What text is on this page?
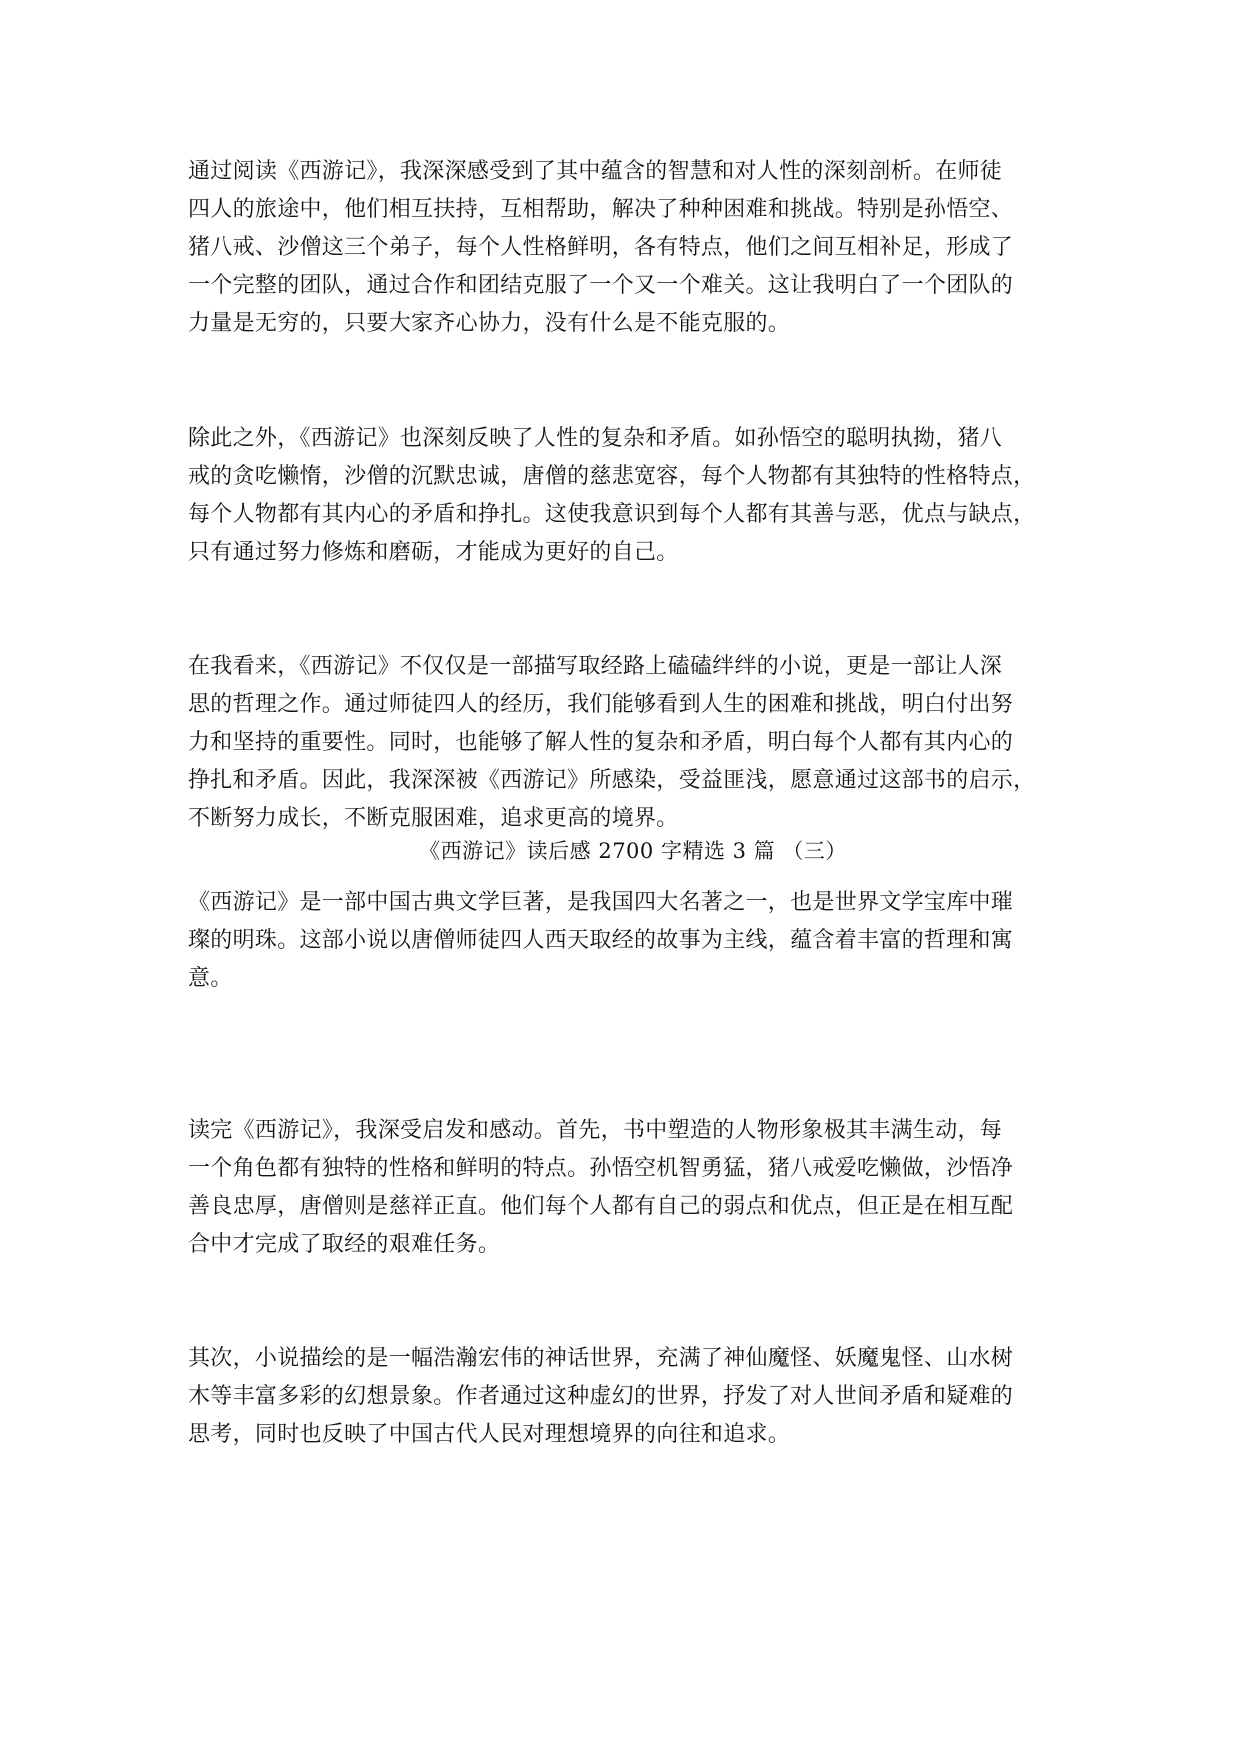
通过阅读《西游记》，我深深感受到了其中蕴含的智慧和对人性的深刻剖析。在师徒
四人的旅途中，他们相互扶持，互相帮助，解决了种种困难和挑战。特别是孙悟空、
猪八戒、沙僧这三个弟子，每个人性格鲜明，各有特点，他们之间互相补足，形成了
一个完整的团队，通过合作和团结克服了一个又一个难关。这让我明白了一个团队的
力量是无穷的，只要大家齐心协力，没有什么是不能克服的。

除此之外，《西游记》也深刻反映了人性的复杂和矛盾。如孙悟空的聪明执拗，猪八
戒的贪吃懒惰，沙僧的沉默忠诚，唐僧的慈悲宽容，每个人物都有其独特的性格特点，
每个人物都有其内心的矛盾和挣扎。这使我意识到每个人都有其善与恶，优点与缺点，
只有通过努力修炼和磨砺，才能成为更好的自己。

在我看来，《西游记》不仅仅是一部描写取经路上磕磕绊绊的小说，更是一部让人深
思的哲理之作。通过师徒四人的经历，我们能够看到人生的困难和挑战，明白付出努
力和坚持的重要性。同时，也能够了解人性的复杂和矛盾，明白每个人都有其内心的
挣扎和矛盾。因此，我深深被《西游记》所感染，受益匪浅，愿意通过这部书的启示，
不断努力成长，不断克服困难，追求更高的境界。

《西游记》读后感 2700 字精选 3 篇 （三）

《西游记》是一部中国古典文学巨著，是我国四大名著之一，也是世界文学宝库中璀
璨的明珠。这部小说以唐僧师徒四人西天取经的故事为主线，蕴含着丰富的哲理和寓
意。

读完《西游记》，我深受启发和感动。首先，书中塑造的人物形象极其丰满生动，每
一个角色都有独特的性格和鲜明的特点。孙悟空机智勇猛，猪八戒爱吃懒做，沙悟净
善良忠厚，唐僧则是慈祥正直。他们每个人都有自己的弱点和优点，但正是在相互配
合中才完成了取经的艰难任务。

其次，小说描绘的是一幅浩瀚宏伟的神话世界，充满了神仙魔怪、妖魔鬼怪、山水树
木等丰富多彩的幻想景象。作者通过这种虚幻的世界，抒发了对人世间矛盾和疑难的
思考，同时也反映了中国古代人民对理想境界的向往和追求。
